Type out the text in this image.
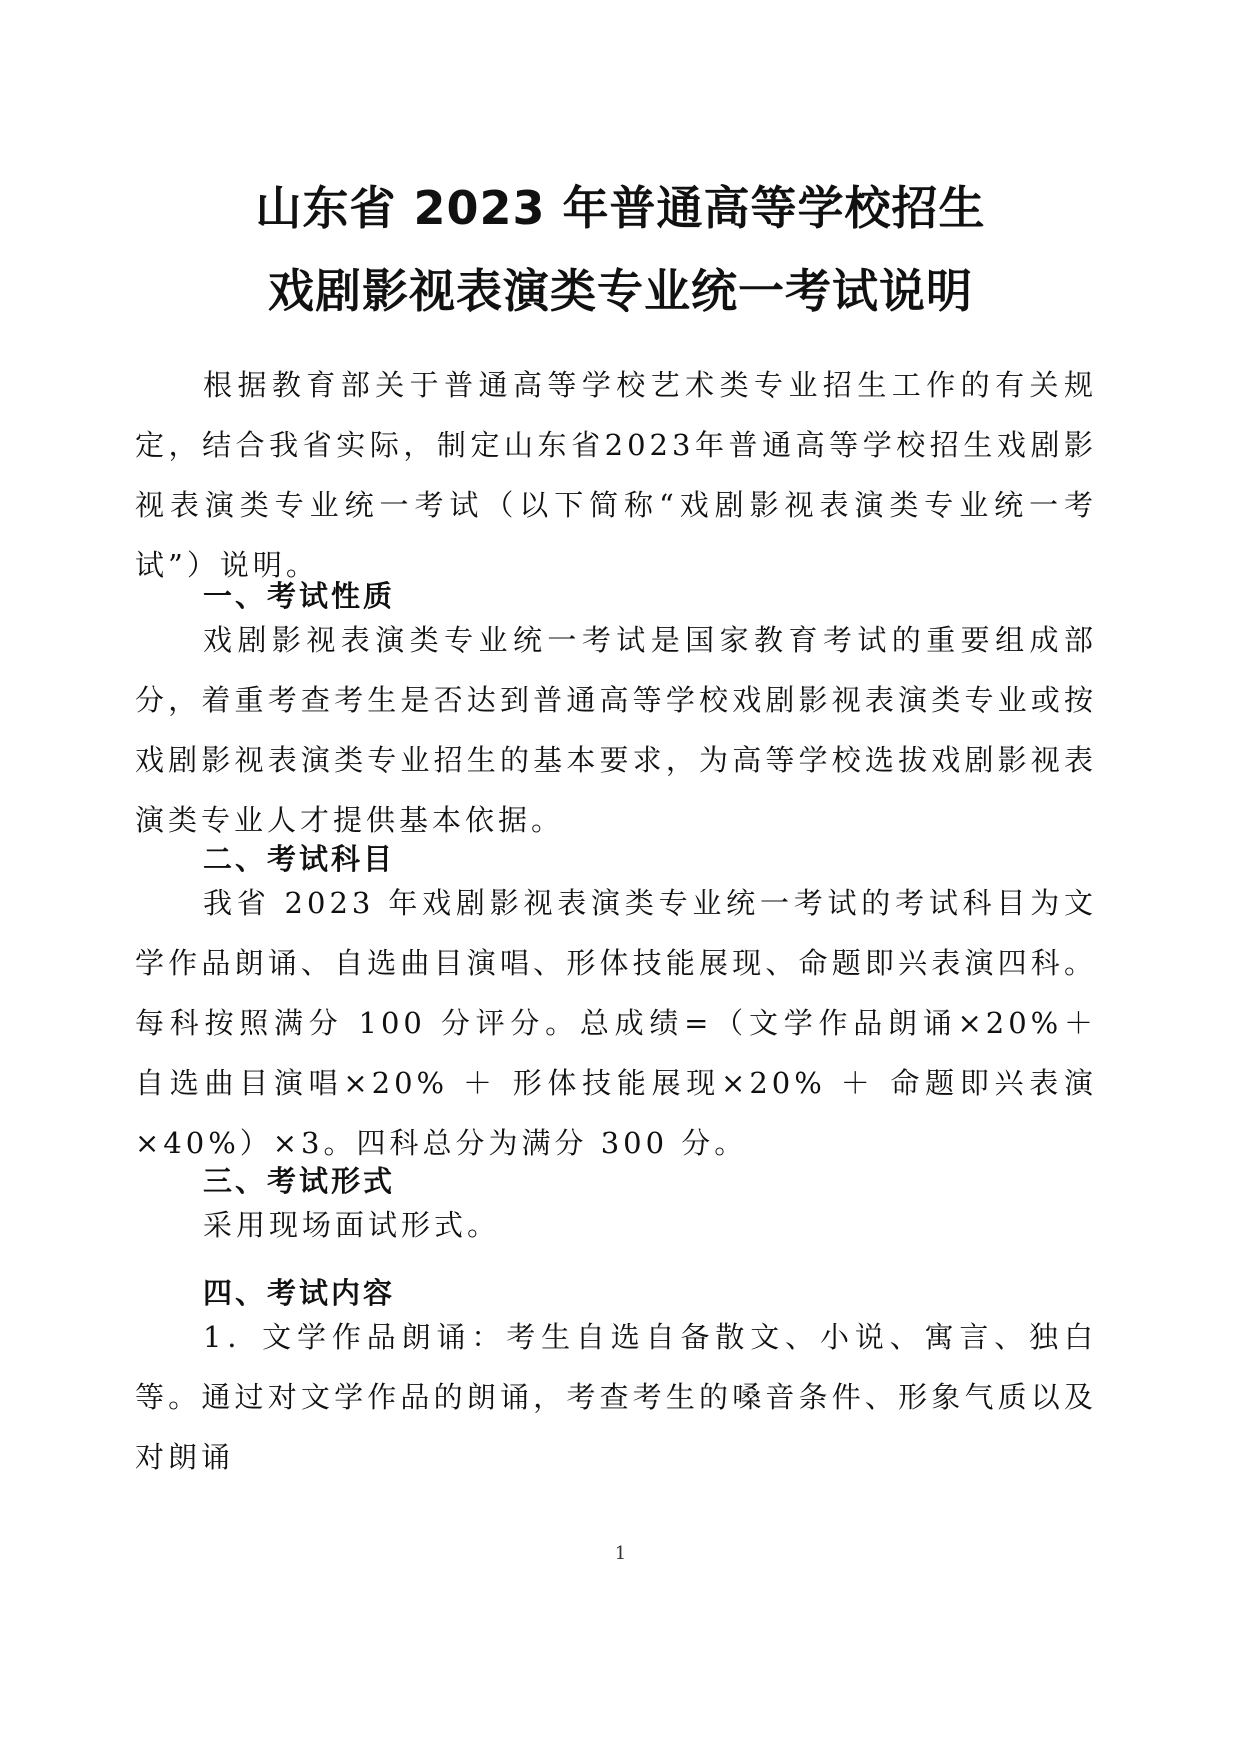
山东省 2023 年普通高等学校招生
戏剧影视表演类专业统一考试说明

根据教育部关于普通高等学校艺术类专业招生工作的有关规定，结合我省实际，制定山东省2023年普通高等学校招生戏剧影视表演类专业统一考试（以下简称“戏剧影视表演类专业统一考试”）说明。

一、考试性质

戏剧影视表演类专业统一考试是国家教育考试的重要组成部分，着重考查考生是否达到普通高等学校戏剧影视表演类专业或按戏剧影视表演类专业招生的基本要求，为高等学校选拔戏剧影视表演类专业人才提供基本依据。

二、考试科目

我省 2023 年戏剧影视表演类专业统一考试的考试科目为文学作品朗诵、自选曲目演唱、形体技能展现、命题即兴表演四科。每科按照满分 100 分评分。总成绩=（文学作品朗诵×20%＋ 自选曲目演唱×20% ＋ 形体技能展现×20% ＋ 命题即兴表演×40%）×3。四科总分为满分 300 分。

三、考试形式

采用现场面试形式。

四、考试内容

1．文学作品朗诵：考生自选自备散文、小说、寓言、独白等。通过对文学作品的朗诵，考查考生的嗓音条件、形象气质以及对朗诵

1
